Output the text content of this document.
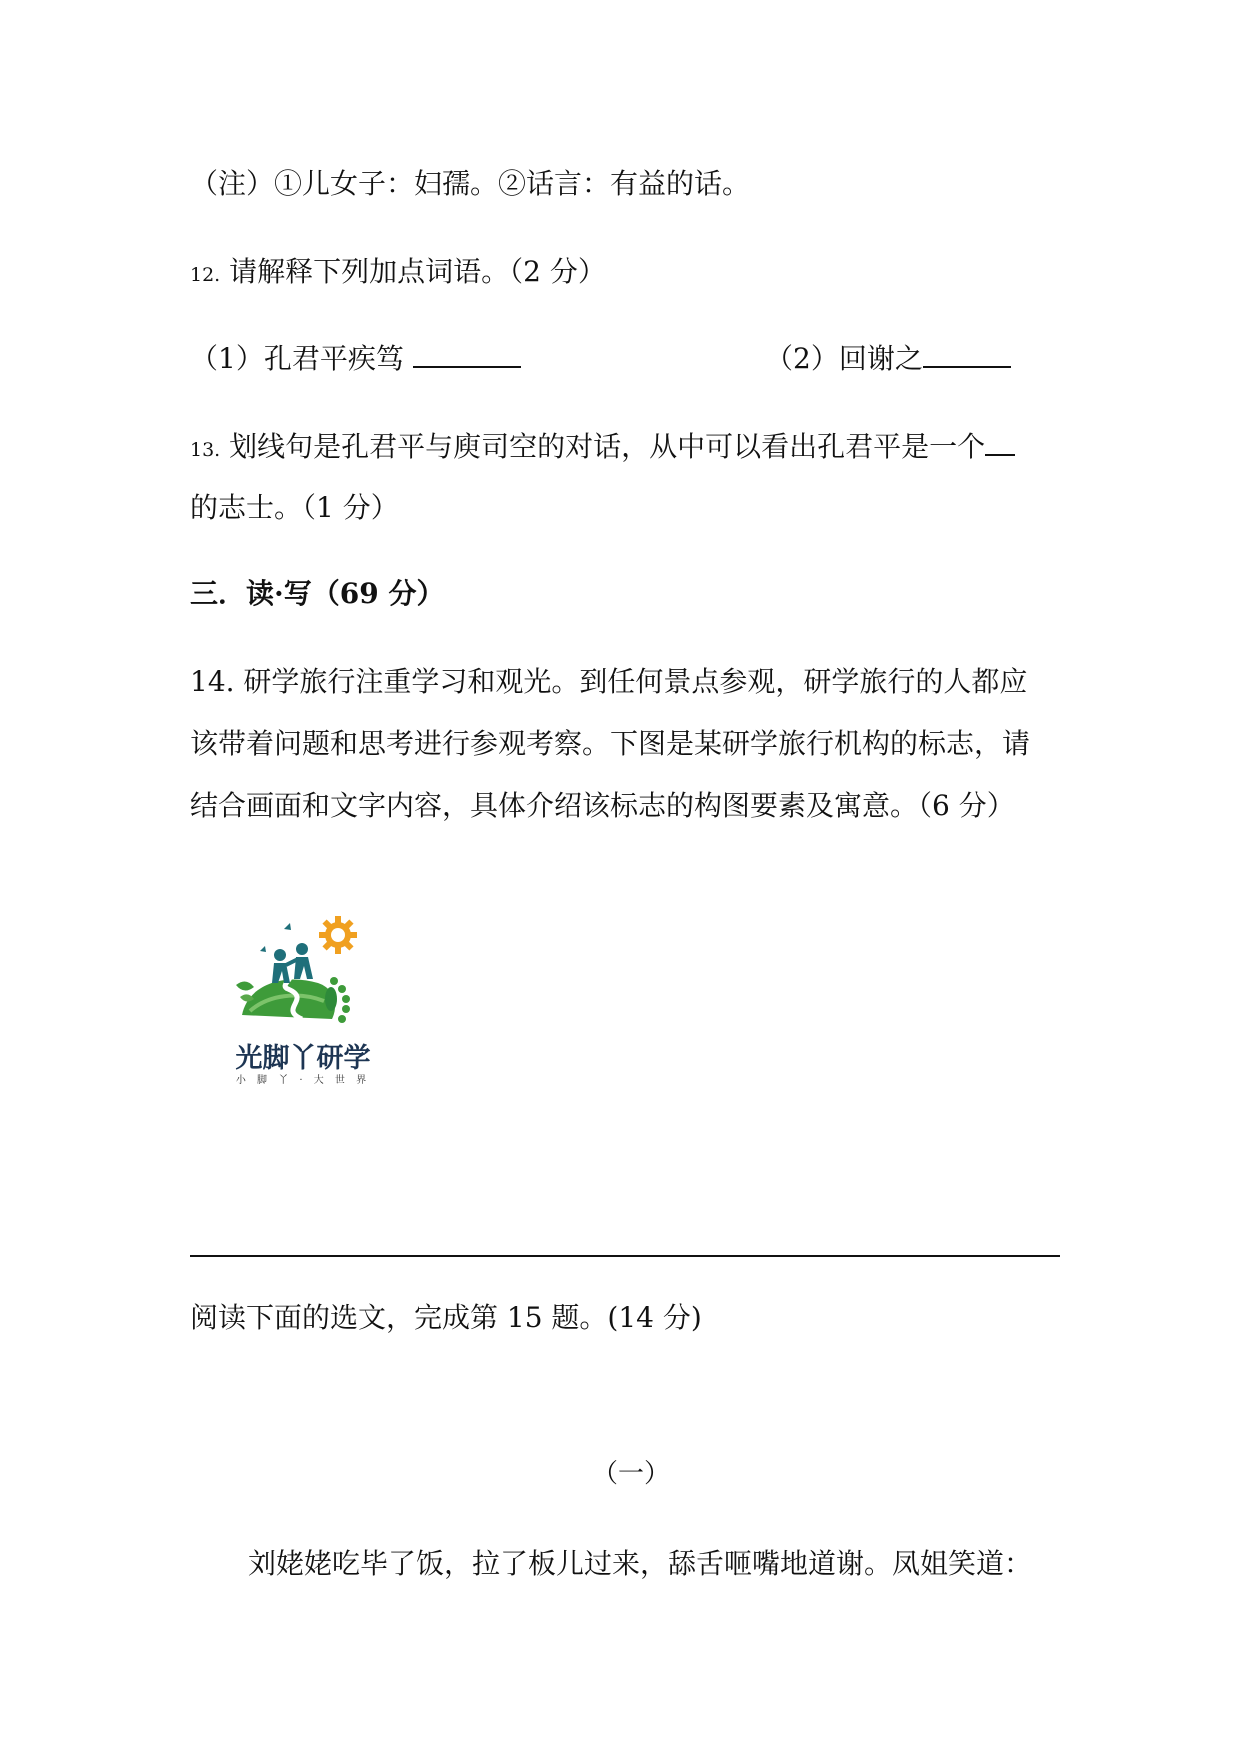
（注）①儿女子：妇孺。②话言：有益的话。
12. 请解释下列加点词语。（2 分）
（1）孔君平疾笃	（2）回谢之
13. 划线句是孔君平与庾司空的对话，从中可以看出孔君平是一个
的志士。（1 分）
三．读·写（69 分）
14. 研学旅行注重学习和观光。到任何景点参观，研学旅行的人都应
该带着问题和思考进行参观考察。下图是某研学旅行机构的标志，请
结合画面和文字内容，具体介绍该标志的构图要素及寓意。（6 分）
光脚丫研学
小 脚 丫 · 大 世 界
阅读下面的选文，完成第 15 题。(14 分)
（一）
刘姥姥吃毕了饭，拉了板儿过来，舔舌咂嘴地道谢。凤姐笑道：
